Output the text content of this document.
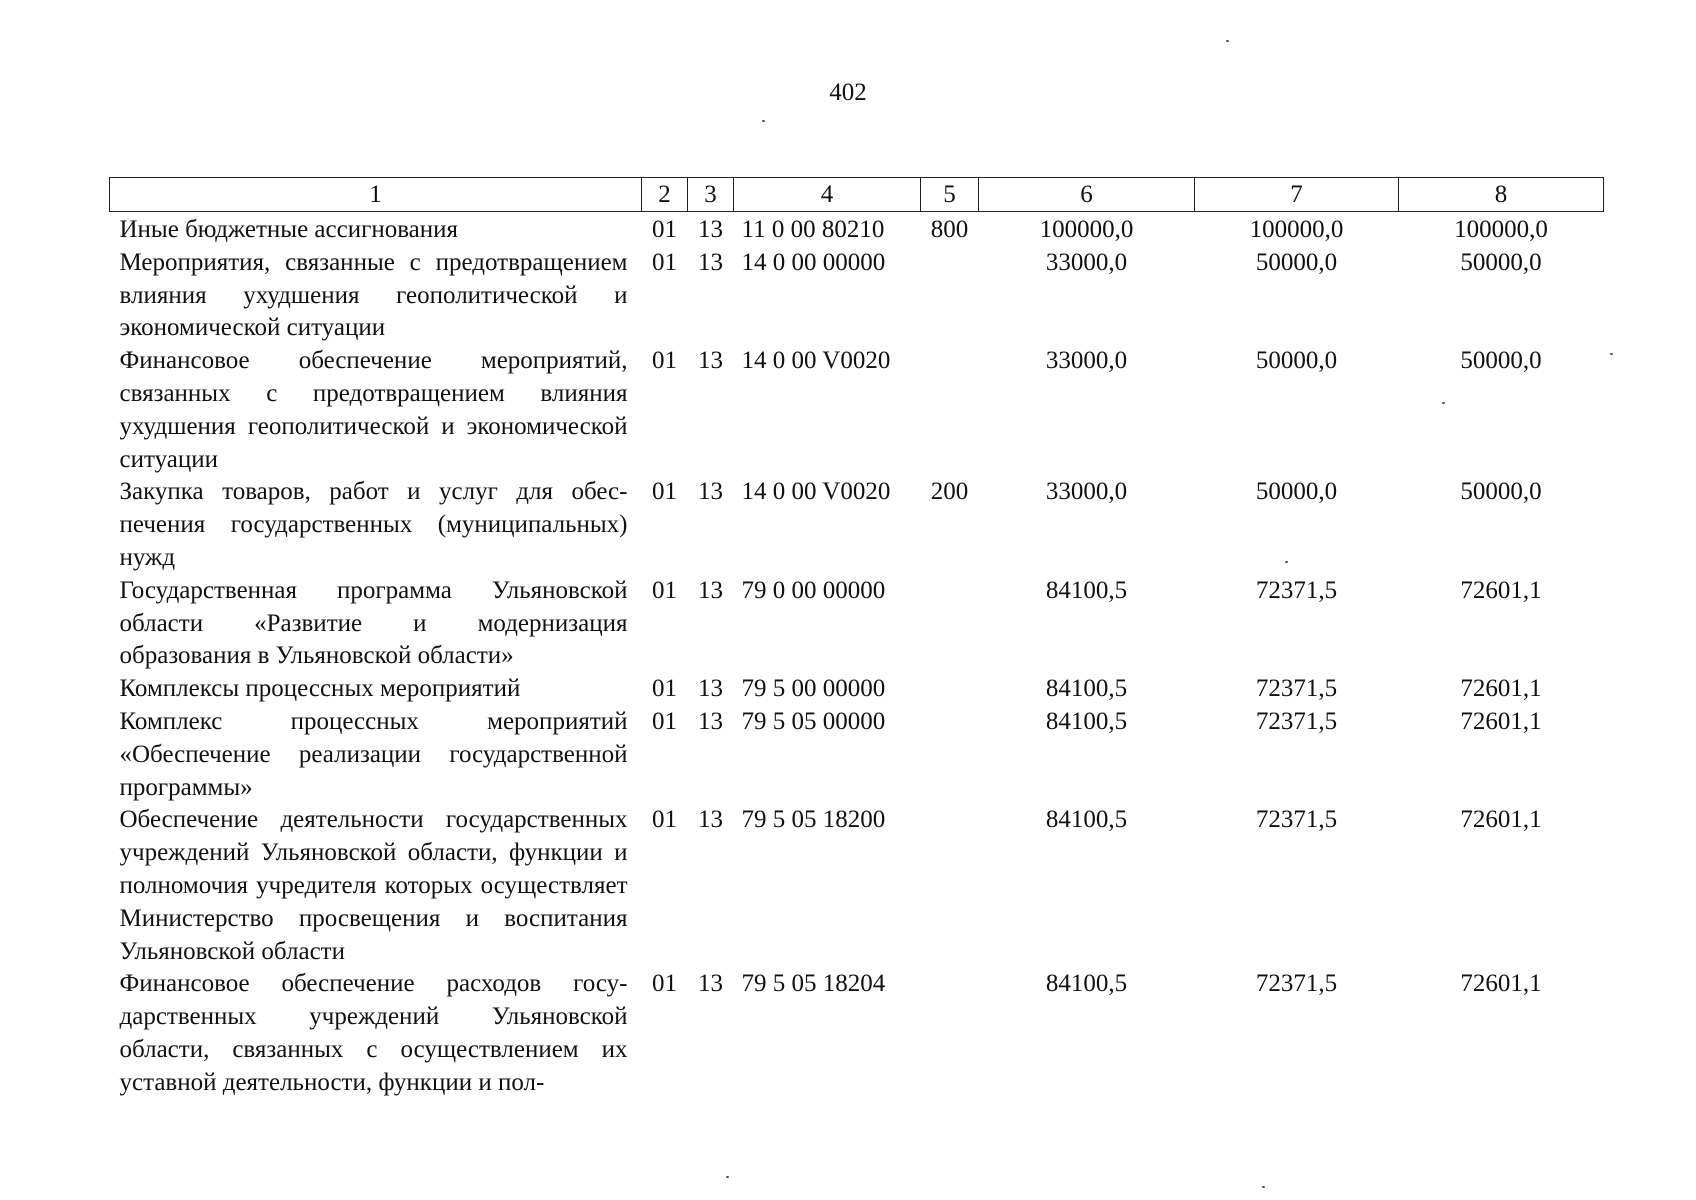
402
1	2	3	4	5	6	7	8
Иные бюджетные ассигнования	01	13	11 0 00 80210	800	100000,0	100000,0	100000,0
Мероприятия, связанные с предотвращением влияния ухудшения геополитической и экономической ситуации	01	13	14 0 00 00000		33000,0	50000,0	50000,0
Финансовое обеспечение мероприятий, связанных с предотвращением влияния ухудшения геополитической и экономической ситуации	01	13	14 0 00 V0020		33000,0	50000,0	50000,0
Закупка товаров, работ и услуг для обеспечения государственных (муниципальных) нужд	01	13	14 0 00 V0020	200	33000,0	50000,0	50000,0
Государственная программа Ульяновской области «Развитие и модернизация образования в Ульяновской области»	01	13	79 0 00 00000		84100,5	72371,5	72601,1
Комплексы процессных мероприятий	01	13	79 5 00 00000		84100,5	72371,5	72601,1
Комплекс процессных мероприятий «Обеспечение реализации государственной программы»	01	13	79 5 05 00000		84100,5	72371,5	72601,1
Обеспечение деятельности государственных учреждений Ульяновской области, функции и полномочия учредителя которых осуществляет Министерство просвещения и воспитания Ульяновской области	01	13	79 5 05 18200		84100,5	72371,5	72601,1
Финансовое обеспечение расходов государственных учреждений Ульяновской области, связанных с осуществлением их уставной деятельности, функции и пол-	01	13	79 5 05 18204		84100,5	72371,5	72601,1
